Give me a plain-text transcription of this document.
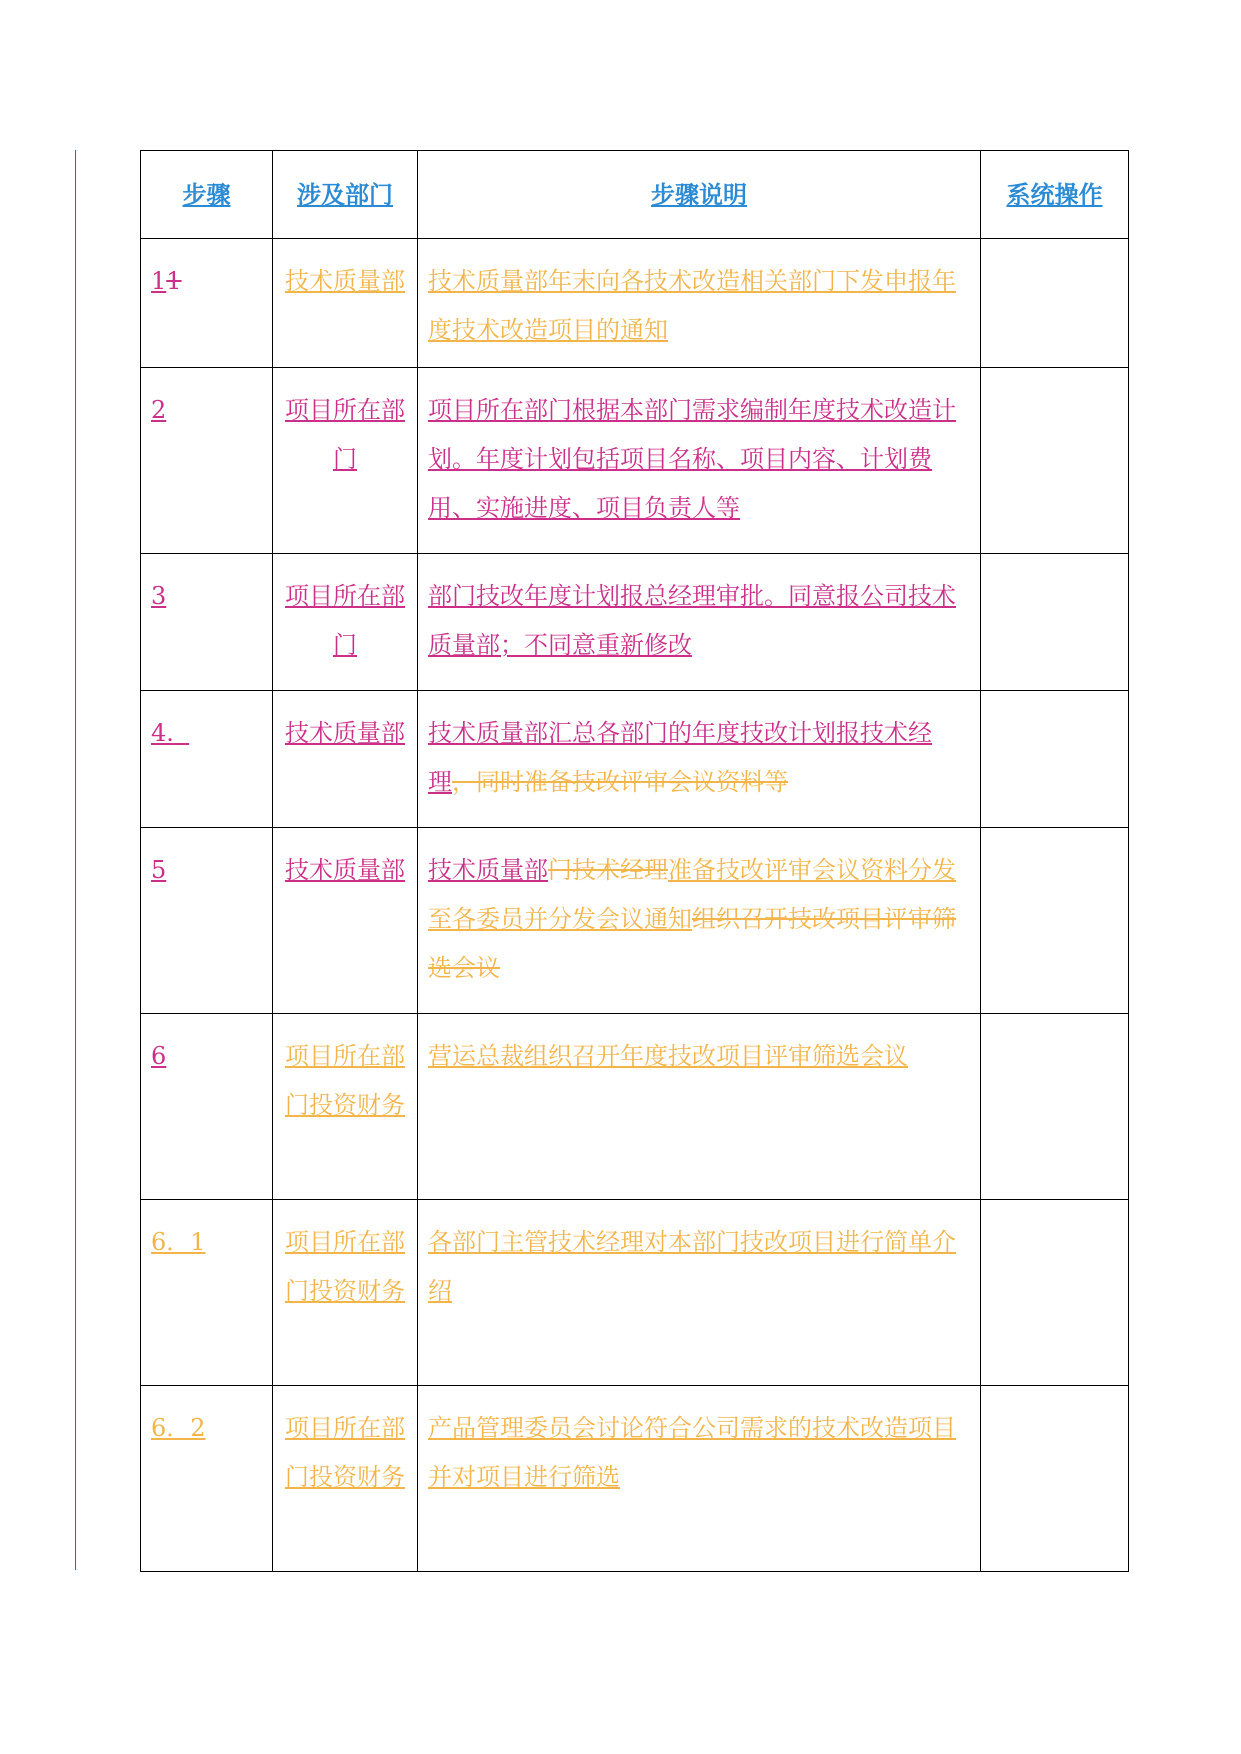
步骤	涉及部门	步骤说明	系统操作
11	技术质量部	技术质量部年末向各技术改造相关部门下发申报年度技术改造项目的通知	
2	项目所在部门	项目所在部门根据本部门需求编制年度技术改造计划。年度计划包括项目名称、项目内容、计划费用、实施进度、项目负责人等	
3	项目所在部门	部门技改年度计划报总经理审批。同意报公司技术质量部；不同意重新修改	
4.	技术质量部	技术质量部汇总各部门的年度技改计划报技术经理，同时准备技改评审会议资料等	
5	技术质量部	技术质量部门技术经理准备技改评审会议资料分发至各委员并分发会议通知组织召开技改项目评审筛选会议	
6	项目所在部门投资财务	营运总裁组织召开年度技改项目评审筛选会议	
6．1	项目所在部门投资财务	各部门主管技术经理对本部门技改项目进行简单介绍	
6．2	项目所在部门投资财务	产品管理委员会讨论符合公司需求的技术改造项目并对项目进行筛选	
